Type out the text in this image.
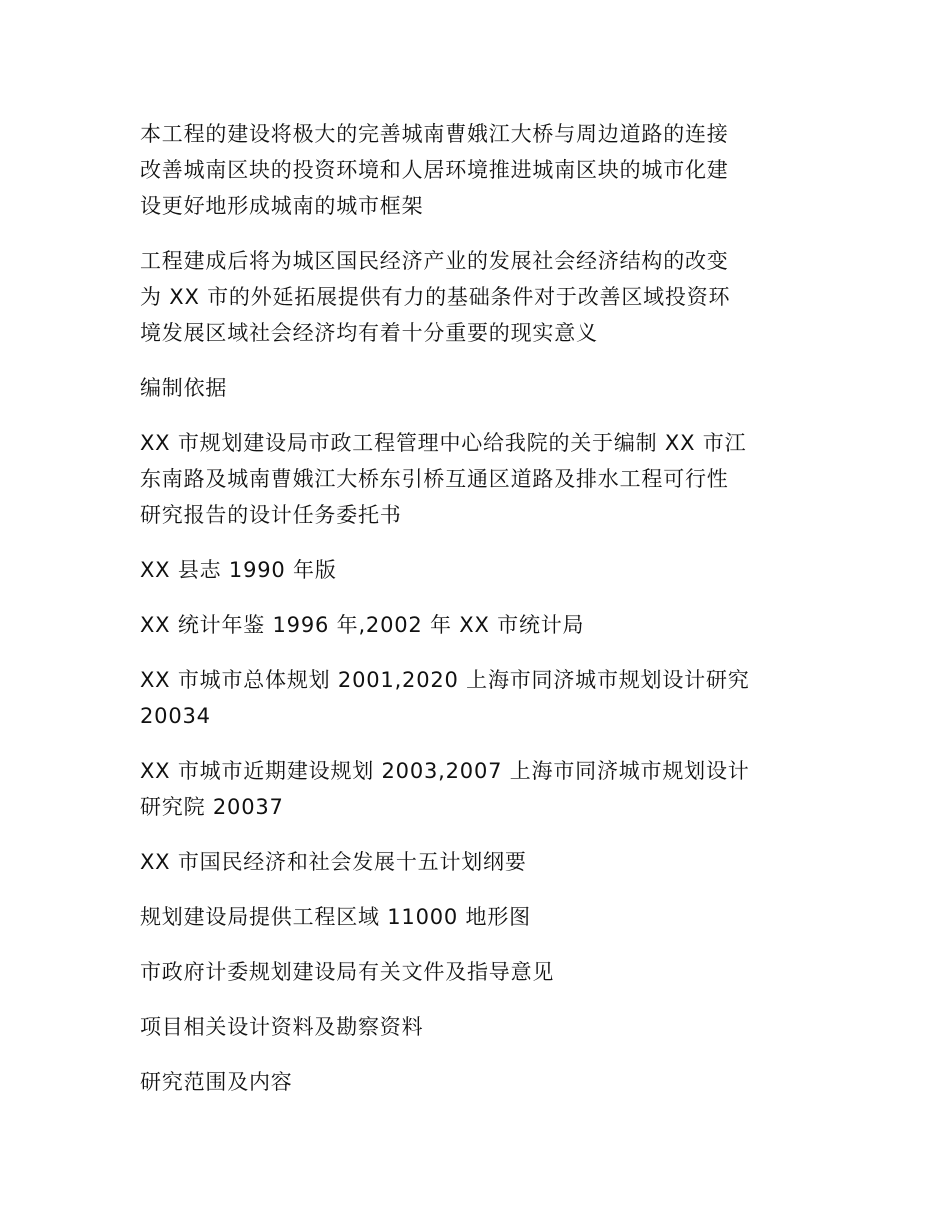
本工程的建设将极大的完善城南曹娥江大桥与周边道路的连接
改善城南区块的投资环境和人居环境推进城南区块的城市化建
设更好地形成城南的城市框架

工程建成后将为城区国民经济产业的发展社会经济结构的改变
为 XX 市的外延拓展提供有力的基础条件对于改善区域投资环
境发展区域社会经济均有着十分重要的现实意义

编制依据

XX 市规划建设局市政工程管理中心给我院的关于编制 XX 市江
东南路及城南曹娥江大桥东引桥互通区道路及排水工程可行性
研究报告的设计任务委托书

XX 县志 1990 年版

XX 统计年鉴 1996 年,2002 年 XX 市统计局

XX 市城市总体规划 2001,2020 上海市同济城市规划设计研究
20034

XX 市城市近期建设规划 2003,2007 上海市同济城市规划设计
研究院 20037

XX 市国民经济和社会发展十五计划纲要

规划建设局提供工程区域 11000 地形图

市政府计委规划建设局有关文件及指导意见

项目相关设计资料及勘察资料

研究范围及内容
